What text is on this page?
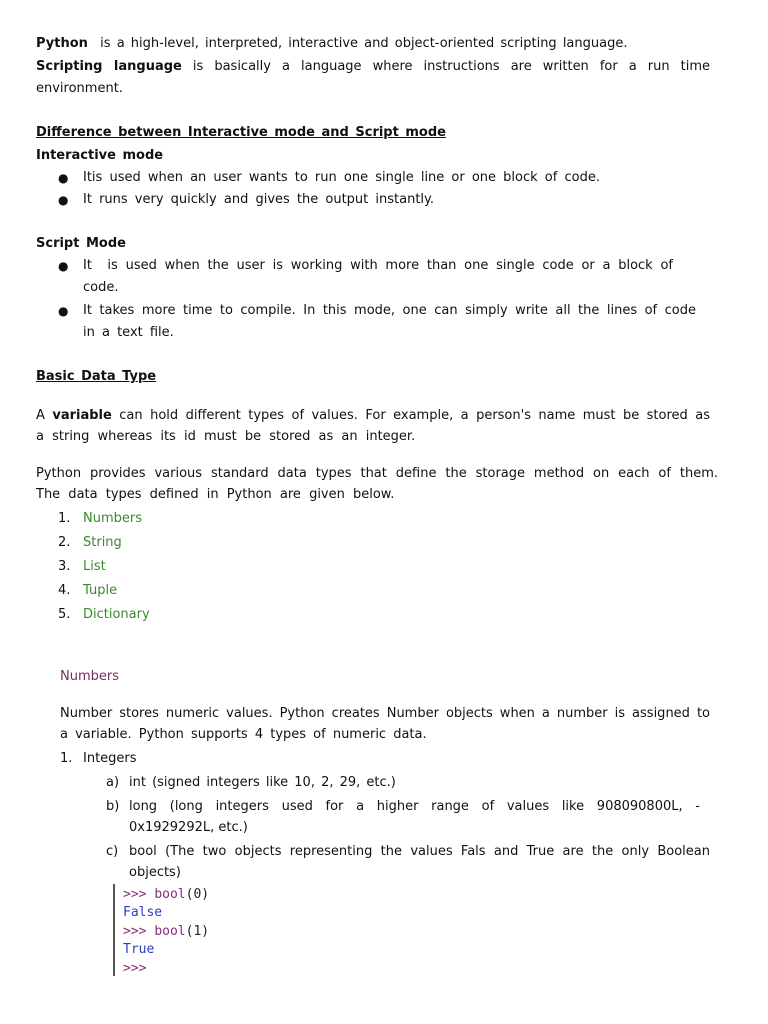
Python is a high-level, interpreted, interactive and object-oriented scripting language.
Scripting language is basically a language where instructions are written for a run time
environment.
Difference between Interactive mode and Script mode
Interactive mode
● Itis used when an user wants to run one single line or one block of code.
● It runs very quickly and gives the output instantly.
Script Mode
● It  is used when the user is working with more than one single code or a block of
code.
● It takes more time to compile. In this mode, one can simply write all the lines of code
in a text file.
Basic Data Type
A variable can hold different types of values. For example, a person's name must be stored as
a string whereas its id must be stored as an integer.
Python provides various standard data types that define the storage method on each of them.
The data types defined in Python are given below.
1. Numbers
2. String
3. List
4. Tuple
5. Dictionary
Numbers
Number stores numeric values. Python creates Number objects when a number is assigned to
a variable. Python supports 4 types of numeric data.
1. Integers
a) int (signed integers like 10, 2, 29, etc.)
b) long (long integers used for a higher range of values like 908090800L, -
0x1929292L, etc.)
c) bool (The two objects representing the values Fals and True are the only Boolean
objects)
>>> bool(0)
False
>>> bool(1)
True
>>>
